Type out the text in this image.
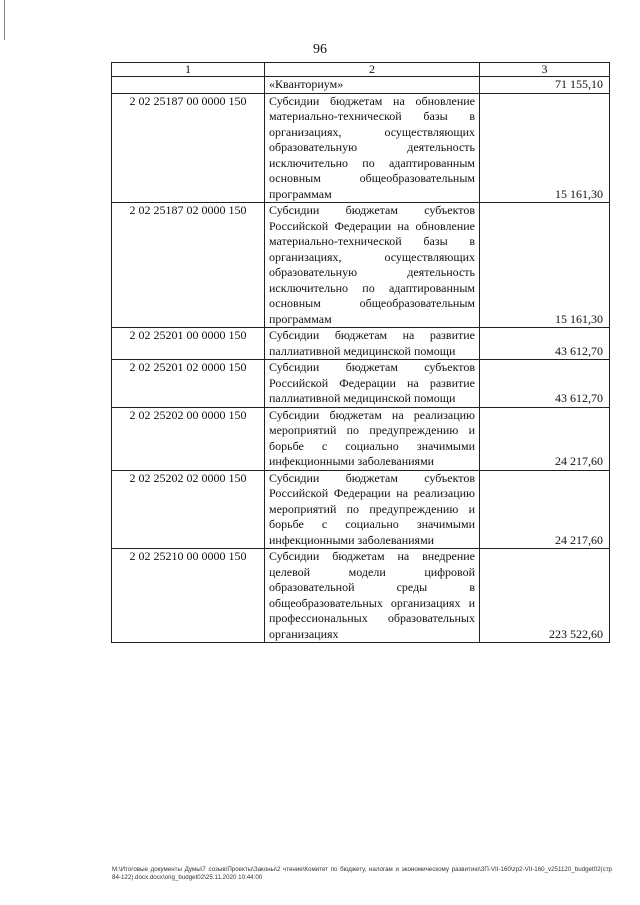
96
1	2	3
	«Кванториум»	71 155,10
2 02 25187 00 0000 150	Субсидии бюджетам на обновление материально-технической базы в организациях, осуществляющих образовательную деятельность исключительно по адаптированным основным общеобразовательным программам	15 161,30
2 02 25187 02 0000 150	Субсидии бюджетам субъектов Российской Федерации на обновление материально-технической базы в организациях, осуществляющих образовательную деятельность исключительно по адаптированным основным общеобразовательным программам	15 161,30
2 02 25201 00 0000 150	Субсидии бюджетам на развитие паллиативной медицинской помощи	43 612,70
2 02 25201 02 0000 150	Субсидии бюджетам субъектов Российской Федерации на развитие паллиативной медицинской помощи	43 612,70
2 02 25202 00 0000 150	Субсидии бюджетам на реализацию мероприятий по предупреждению и борьбе с социально значимыми инфекционными заболеваниями	24 217,60
2 02 25202 02 0000 150	Субсидии бюджетам субъектов Российской Федерации на реализацию мероприятий по предупреждению и борьбе с социально значимыми инфекционными заболеваниями	24 217,60
2 02 25210 00 0000 150	Субсидии бюджетам на внедрение целевой модели цифровой образовательной среды в общеобразовательных организациях и профессиональных образовательных организациях	223 522,60
M:\Итоговые документы Думы\7 созыв\Проекты\Законы\2 чтение\Комитет по бюджету, налогам и экономическому развитию\ЗП-VII-160\zp2-VII-160_v251120_budget02(стр 84-122).docx.docx\orig_budget02\25.11.2020 10:44:00
